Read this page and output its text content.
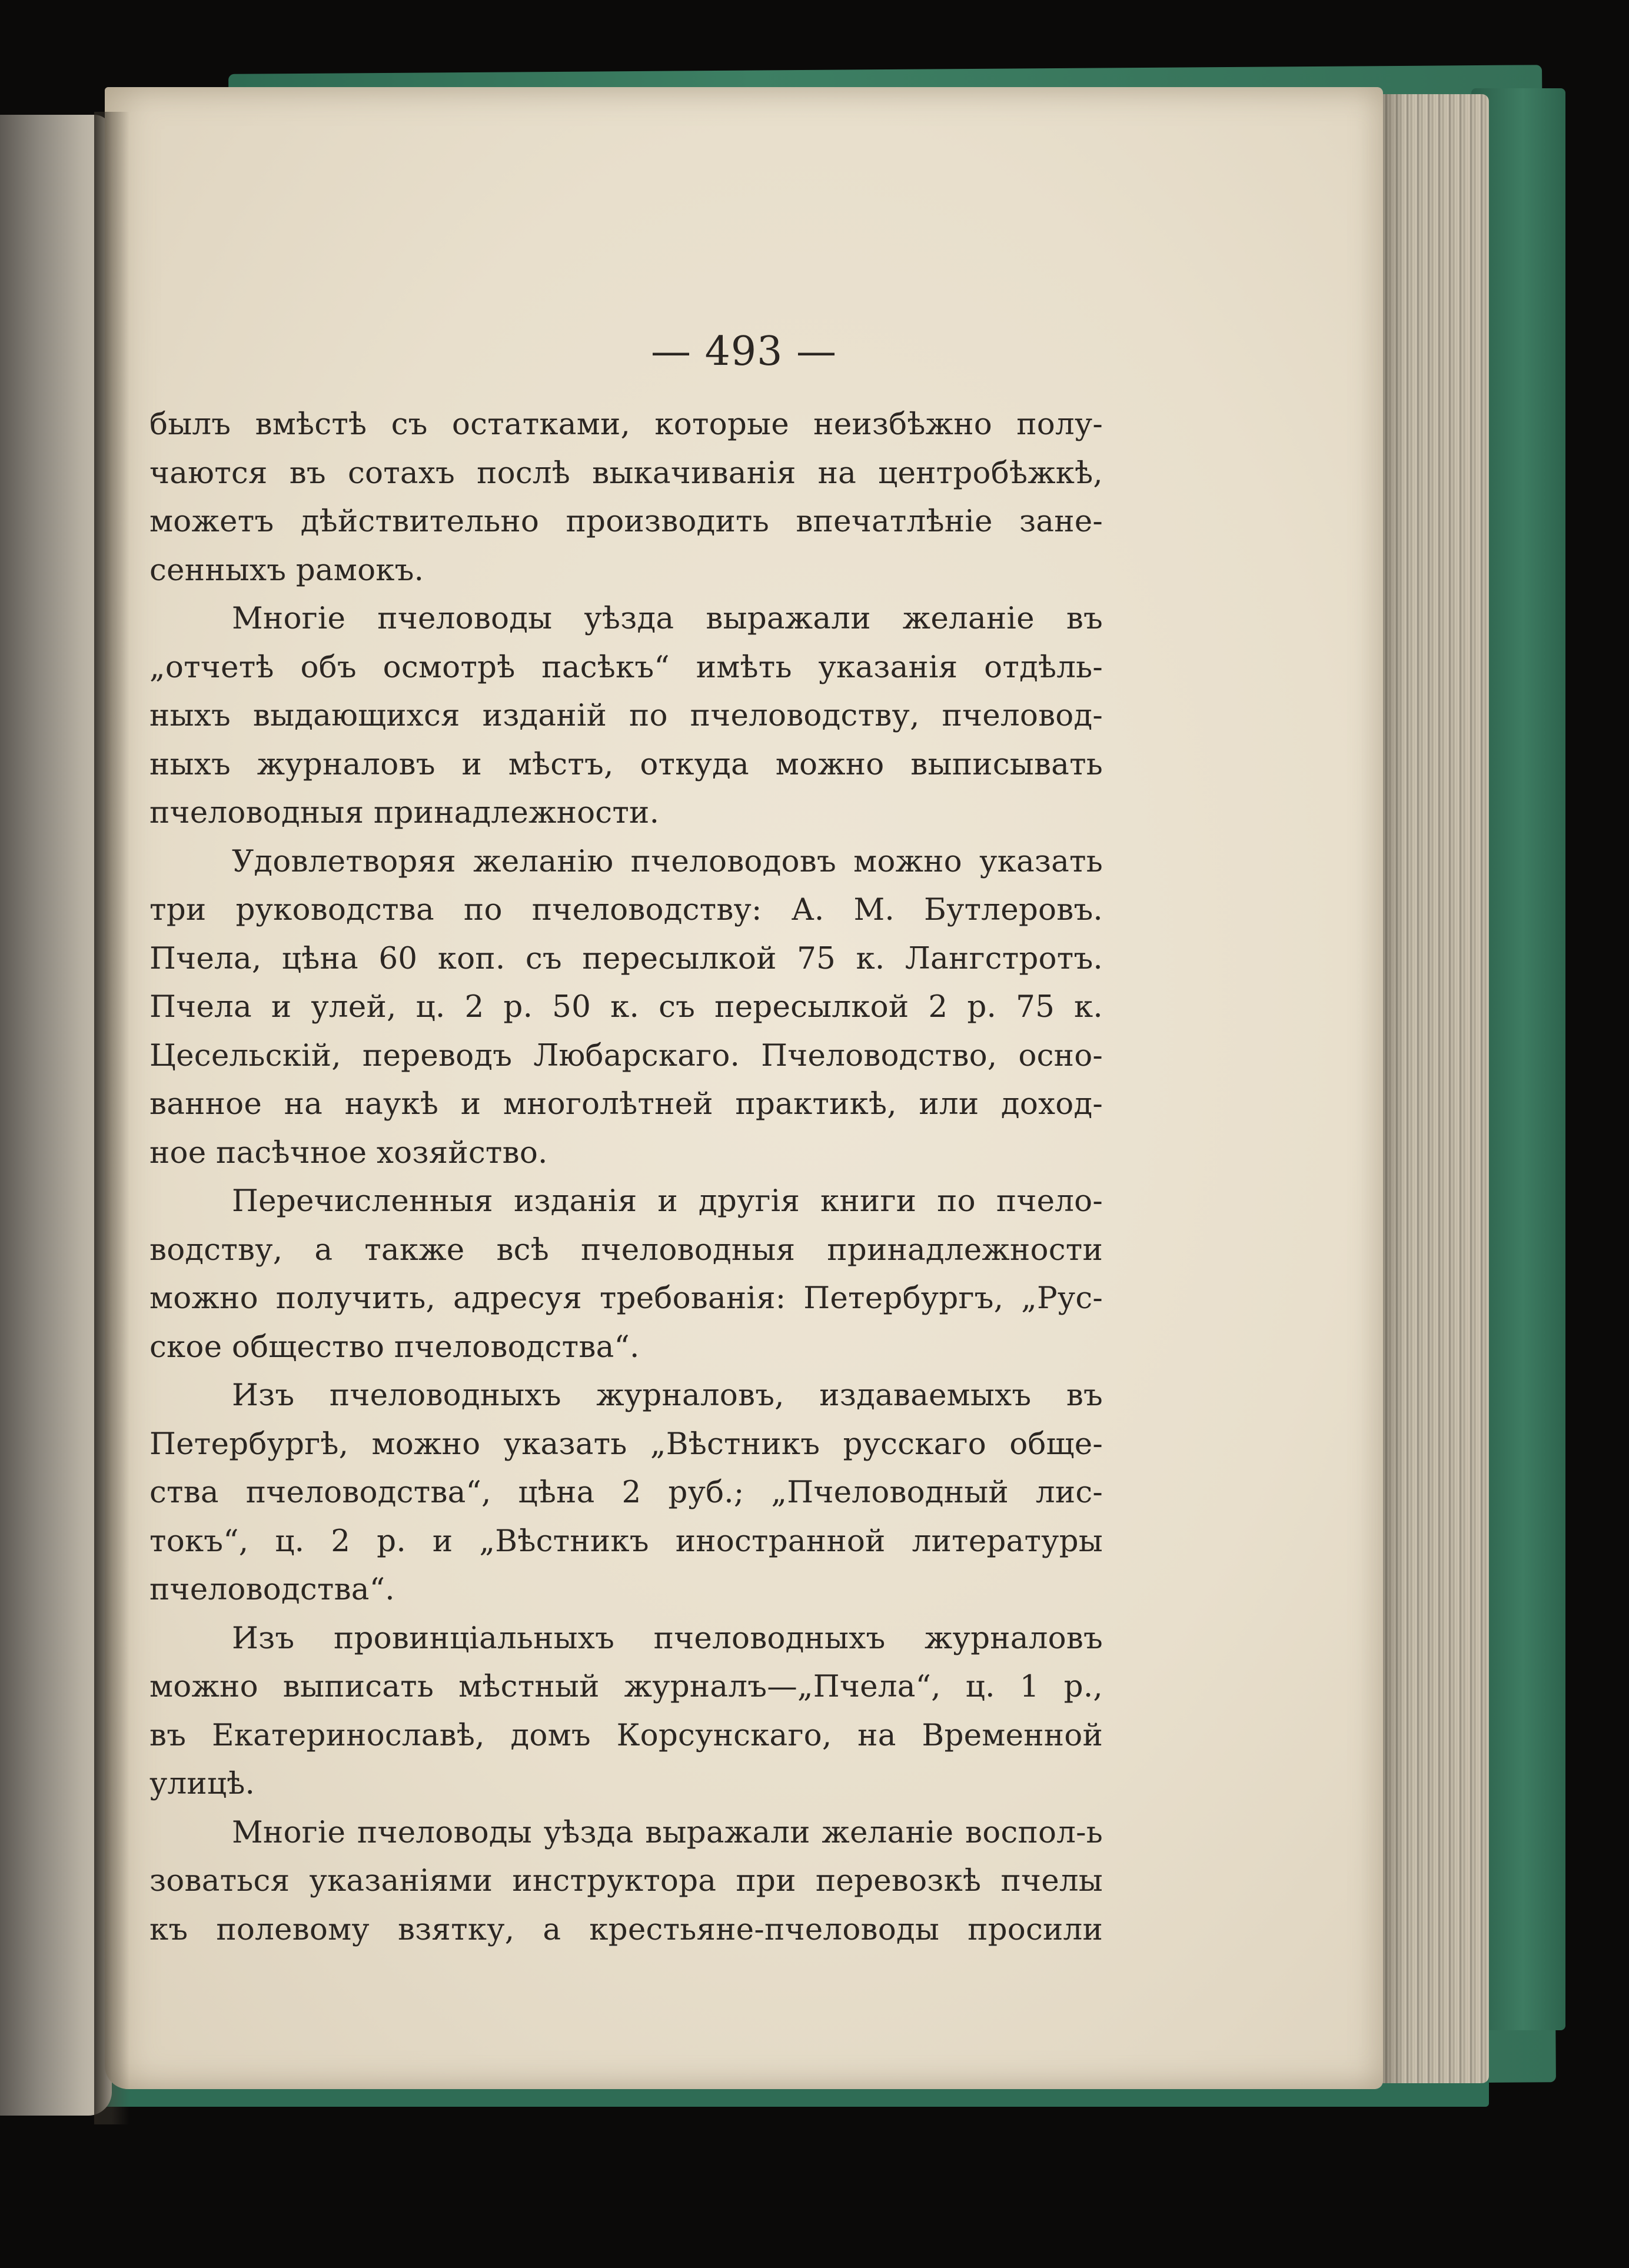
— 493 —
былъ вмѣстѣ съ остатками, которые неизбѣжно полу-
чаются въ сотахъ послѣ выкачиванія на центробѣжкѣ,
можетъ дѣйствительно производить впечатлѣніе зане-
сенныхъ рамокъ.
Многіе пчеловоды уѣзда выражали желаніе въ
„отчетѣ объ осмотрѣ пасѣкъ“ имѣть указанія отдѣль-
ныхъ выдающихся изданій по пчеловодству, пчеловод-
ныхъ журналовъ и мѣстъ, откуда можно выписывать
пчеловодныя принадлежности.
Удовлетворяя желанію пчеловодовъ можно указать
три руководства по пчеловодству: А. М. Бутлеровъ.
Пчела, цѣна 60 коп. съ пересылкой 75 к. Лангстротъ.
Пчела и улей, ц. 2 р. 50 к. съ пересылкой 2 р. 75 к.
Цесельскій, переводъ Любарскаго. Пчеловодство, осно-
ванное на наукѣ и многолѣтней практикѣ, или доход-
ное пасѣчное хозяйство.
Перечисленныя изданія и другія книги по пчело-
водству, а также всѣ пчеловодныя принадлежности
можно получить, адресуя требованія: Петербургъ, „Рус-
ское общество пчеловодства“.
Изъ пчеловодныхъ журналовъ, издаваемыхъ въ
Петербургѣ, можно указать „Вѣстникъ русскаго обще-
ства пчеловодства“, цѣна 2 руб.; „Пчеловодный лис-
токъ“, ц. 2 р. и „Вѣстникъ иностранной литературы
пчеловодства“.
Изъ провинціальныхъ пчеловодныхъ журналовъ
можно выписать мѣстный журналъ—„Пчела“, ц. 1 р.,
въ Екатеринославѣ, домъ Корсунскаго, на Временной
улицѣ.
Многіе пчеловоды уѣзда выражали желаніе воспол-ь
зоваться указаніями инструктора при перевозкѣ пчелы
къ полевому взятку, а крестьяне-пчеловоды просили
